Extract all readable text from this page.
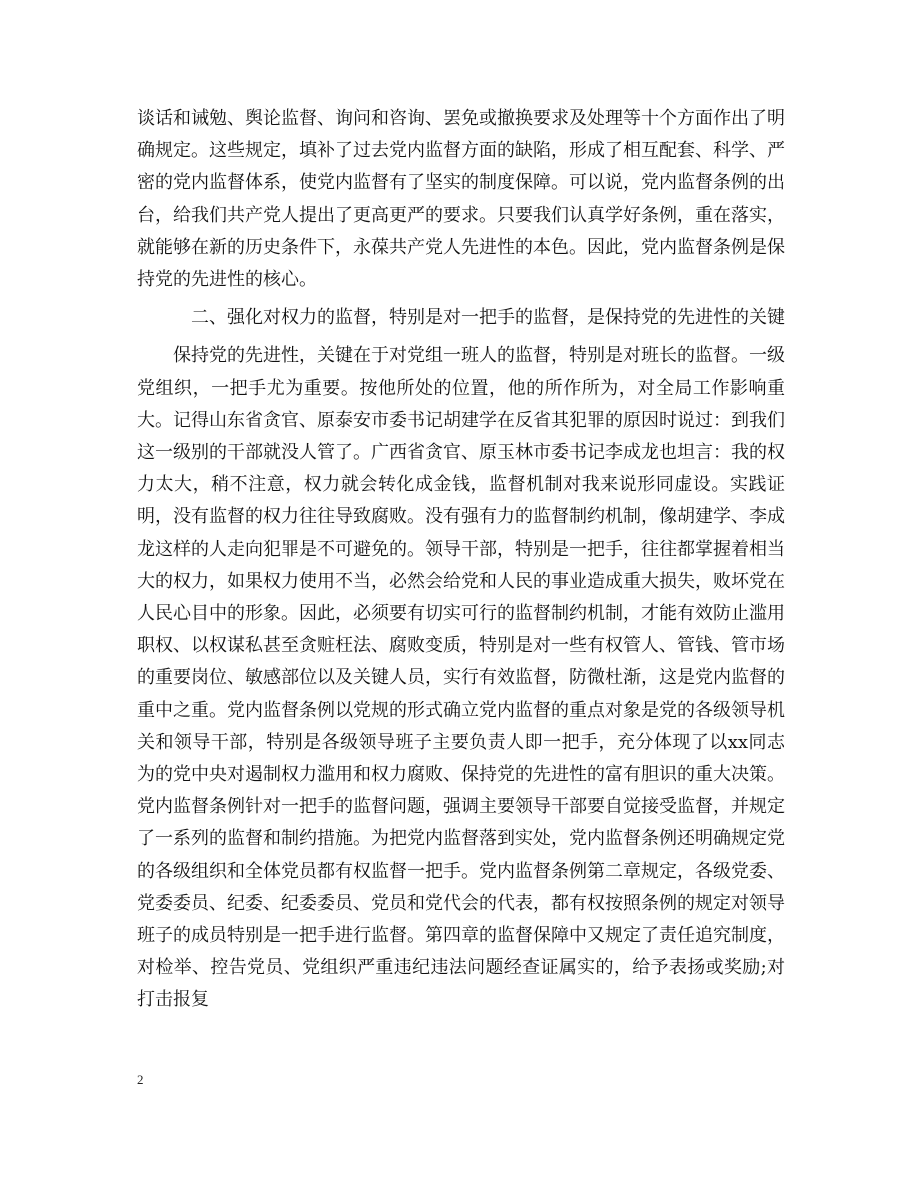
谈话和诫勉、舆论监督、询问和咨询、罢免或撤换要求及处理等十个方面作出了明确规定。这些规定，填补了过去党内监督方面的缺陷，形成了相互配套、科学、严密的党内监督体系，使党内监督有了坚实的制度保障。可以说，党内监督条例的出台，给我们共产党人提出了更高更严的要求。只要我们认真学好条例，重在落实，就能够在新的历史条件下，永葆共产党人先进性的本色。因此，党内监督条例是保持党的先进性的核心。

二、强化对权力的监督，特别是对一把手的监督，是保持党的先进性的关键

保持党的先进性，关键在于对党组一班人的监督，特别是对班长的监督。一级党组织，一把手尤为重要。按他所处的位置，他的所作所为，对全局工作影响重大。记得山东省贪官、原泰安市委书记胡建学在反省其犯罪的原因时说过：到我们这一级别的干部就没人管了。广西省贪官、原玉林市委书记李成龙也坦言：我的权力太大，稍不注意，权力就会转化成金钱，监督机制对我来说形同虚设。实践证明，没有监督的权力往往导致腐败。没有强有力的监督制约机制，像胡建学、李成龙这样的人走向犯罪是不可避免的。领导干部，特别是一把手，往往都掌握着相当大的权力，如果权力使用不当，必然会给党和人民的事业造成重大损失，败坏党在人民心目中的形象。因此，必须要有切实可行的监督制约机制，才能有效防止滥用职权、以权谋私甚至贪赃枉法、腐败变质，特别是对一些有权管人、管钱、管市场的重要岗位、敏感部位以及关键人员，实行有效监督，防微杜渐，这是党内监督的重中之重。党内监督条例以党规的形式确立党内监督的重点对象是党的各级领导机关和领导干部，特别是各级领导班子主要负责人即一把手，充分体现了以xx同志为的党中央对遏制权力滥用和权力腐败、保持党的先进性的富有胆识的重大决策。党内监督条例针对一把手的监督问题，强调主要领导干部要自觉接受监督，并规定了一系列的监督和制约措施。为把党内监督落到实处，党内监督条例还明确规定党的各级组织和全体党员都有权监督一把手。党内监督条例第二章规定，各级党委、党委委员、纪委、纪委委员、党员和党代会的代表，都有权按照条例的规定对领导班子的成员特别是一把手进行监督。第四章的监督保障中又规定了责任追究制度，对检举、控告党员、党组织严重违纪违法问题经查证属实的，给予表扬或奖励;对打击报复

2
